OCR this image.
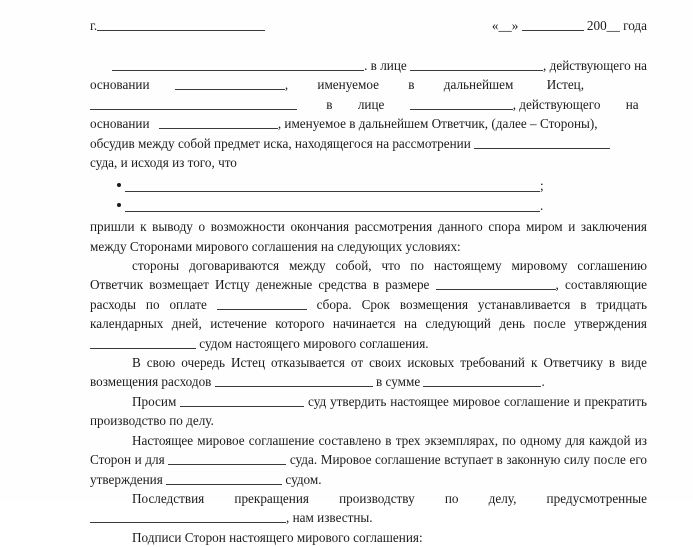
г.	«__»	200__ года
. в лице	, действующего на
основании	, именуемое в дальнейшем	Истец,
в лице	, действующего на
основании	, именуемое в дальнейшем Ответчик, (далее – Стороны),
обсудив между собой предмет иска, находящегося на рассмотрении
суда, и исходя из того, что
;
.

пришли к выводу о возможности окончания рассмотрения данного спора миром и заключения между Сторонами мирового соглашения на следующих условиях:

стороны договариваются между собой, что по настоящему мировому соглашению Ответчик возмещает Истцу денежные средства в размере	, составляющие расходы по оплате	сбора. Срок возмещения устанавливается в тридцать календарных дней, истечение которого начинается на следующий день после утверждения  судом настоящего мирового соглашения.

В свою очередь Истец отказывается от своих исковых требований к Ответчику в виде возмещения расходов	в сумме	.

Просим	суд утвердить настоящее мировое соглашение и прекратить производство по делу.

Настоящее мировое соглашение составлено в трех экземплярах, по одному для каждой из Сторон и для	суда. Мировое соглашение вступает в законную силу после его утверждения	судом.

Последствия прекращения производству по делу, предусмотренные , нам известны.

Подписи Сторон настоящего мирового соглашения:
